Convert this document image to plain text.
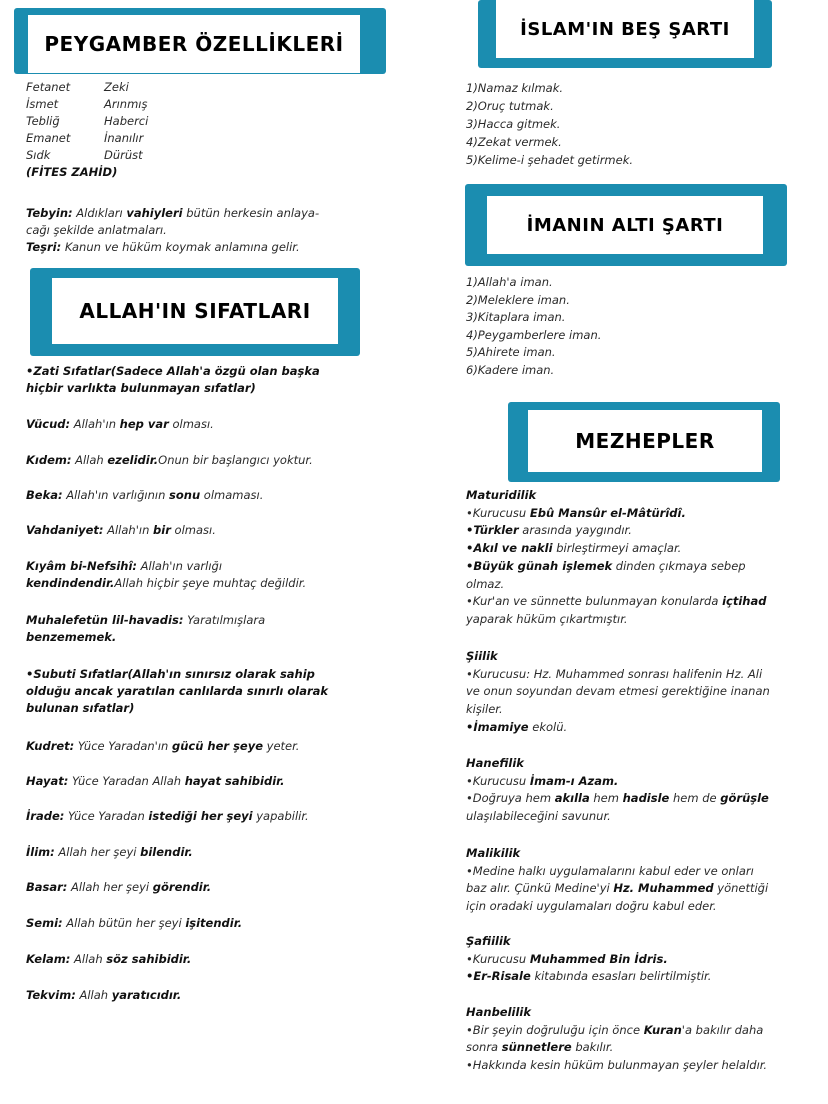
PEYGAMBER ÖZELLİKLERİ
Fetanet	Zeki
İsmet	Arınmış
Tebliğ	Haberci
Emanet	İnanılır
Sıdk	Dürüst
(FİTES ZAHİD)
Tebyin: Aldıkları vahiyleri bütün herkesin anlaya-
cağı şekilde anlatmaları.
Teşri: Kanun ve hüküm koymak anlamına gelir.
ALLAH'IN SIFATLARI
•Zati Sıfatlar(Sadece Allah'a özgü olan başka
hiçbir varlıkta bulunmayan sıfatlar)
Vücud: Allah'ın hep var olması.
Kıdem: Allah ezelidir.Onun bir başlangıcı yoktur.
Beka: Allah'ın varlığının sonu olmaması.
Vahdaniyet: Allah'ın bir olması.
Kıyâm bi-Nefsihî: Allah'ın varlığı
kendindendir.Allah hiçbir şeye muhtaç değildir.
Muhalefetün lil-havadis: Yaratılmışlara
benzememek.
•Subuti Sıfatlar(Allah'ın sınırsız olarak sahip
olduğu ancak yaratılan canlılarda sınırlı olarak
bulunan sıfatlar)
Kudret: Yüce Yaradan'ın gücü her şeye yeter.
Hayat: Yüce Yaradan Allah hayat sahibidir.
İrade: Yüce Yaradan istediği her şeyi yapabilir.
İlim: Allah her şeyi bilendir.
Basar: Allah her şeyi görendir.
Semi: Allah bütün her şeyi işitendir.
Kelam: Allah söz sahibidir.
Tekvim: Allah yaratıcıdır.
İSLAM'IN BEŞ ŞARTI
1)Namaz kılmak.
2)Oruç tutmak.
3)Hacca gitmek.
4)Zekat vermek.
5)Kelime-i şehadet getirmek.
İMANIN ALTI ŞARTI
1)Allah'a iman.
2)Meleklere iman.
3)Kitaplara iman.
4)Peygamberlere iman.
5)Ahirete iman.
6)Kadere iman.
MEZHEPLER
Maturidilik
•Kurucusu Ebû Mansûr el-Mâtürîdî.
•Türkler arasında yaygındır.
•Akıl ve nakli birleştirmeyi amaçlar.
•Büyük günah işlemek dinden çıkmaya sebep
olmaz.
•Kur'an ve sünnette bulunmayan konularda içtihad
yaparak hüküm çıkartmıştır.
Şiilik
•Kurucusu: Hz. Muhammed sonrası halifenin Hz. Ali
ve onun soyundan devam etmesi gerektiğine inanan
kişiler.
•İmamiye ekolü.
Hanefilik
•Kurucusu İmam-ı Azam.
•Doğruya hem akılla hem hadisle hem de görüşle
ulaşılabileceğini savunur.
Malikilik
•Medine halkı uygulamalarını kabul eder ve onları
baz alır. Çünkü Medine'yi Hz. Muhammed yönettiği
için oradaki uygulamaları doğru kabul eder.
Şafiilik
•Kurucusu Muhammed Bin İdris.
•Er-Risale kitabında esasları belirtilmiştir.
Hanbelilik
•Bir şeyin doğruluğu için önce Kuran'a bakılır daha
sonra sünnetlere bakılır.
•Hakkında kesin hüküm bulunmayan şeyler helaldır.
